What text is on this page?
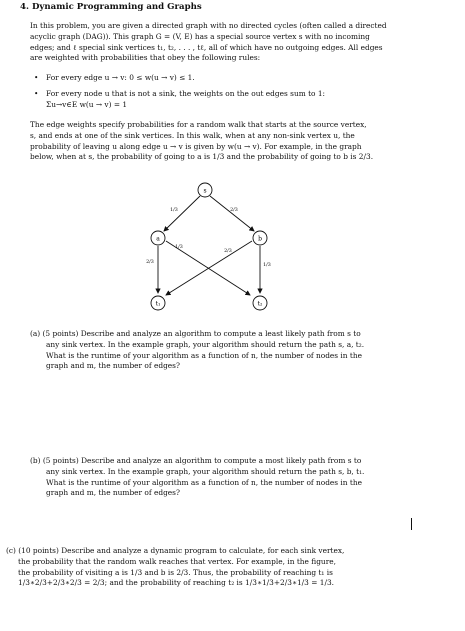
4. Dynamic Programming and Graphs
In this problem, you are given a directed graph with no directed cycles (often called a directed
acyclic graph (DAG)). This graph G = (V, E) has a special source vertex s with no incoming
edges; and ℓ special sink vertices t₁, t₂, . . . , tℓ, all of which have no outgoing edges. All edges
are weighted with probabilities that obey the following rules:
• For every edge u → v: 0 ≤ w(u → v) ≤ 1.
• For every node u that is not a sink, the weights on the out edges sum to 1:
Σu→v∈E w(u → v) = 1
The edge weights specify probabilities for a random walk that starts at the source vertex,
s, and ends at one of the sink vertices. In this walk, when at any non-sink vertex u, the
probability of leaving u along edge u → v is given by w(u → v). For example, in the graph
below, when at s, the probability of going to a is 1/3 and the probability of going to b is 2/3.
s
a	b
t₁	t₂
1/3	2/3
1/3
2/3
2/3
1/3
(a) (5 points) Describe and analyze an algorithm to compute a least likely path from s to
any sink vertex. In the example graph, your algorithm should return the path s, a, t₂.
What is the runtime of your algorithm as a function of n, the number of nodes in the
graph and m, the number of edges?
(b) (5 points) Describe and analyze an algorithm to compute a most likely path from s to
any sink vertex. In the example graph, your algorithm should return the path s, b, t₁.
What is the runtime of your algorithm as a function of n, the number of nodes in the
graph and m, the number of edges?
(c) (10 points) Describe and analyze a dynamic program to calculate, for each sink vertex,
the probability that the random walk reaches that vertex. For example, in the figure,
the probability of visiting a is 1/3 and b is 2/3. Thus, the probability of reaching t₁ is
1/3∗2/3+2/3∗2/3 = 2/3; and the probability of reaching t₂ is 1/3∗1/3+2/3∗1/3 = 1/3.
